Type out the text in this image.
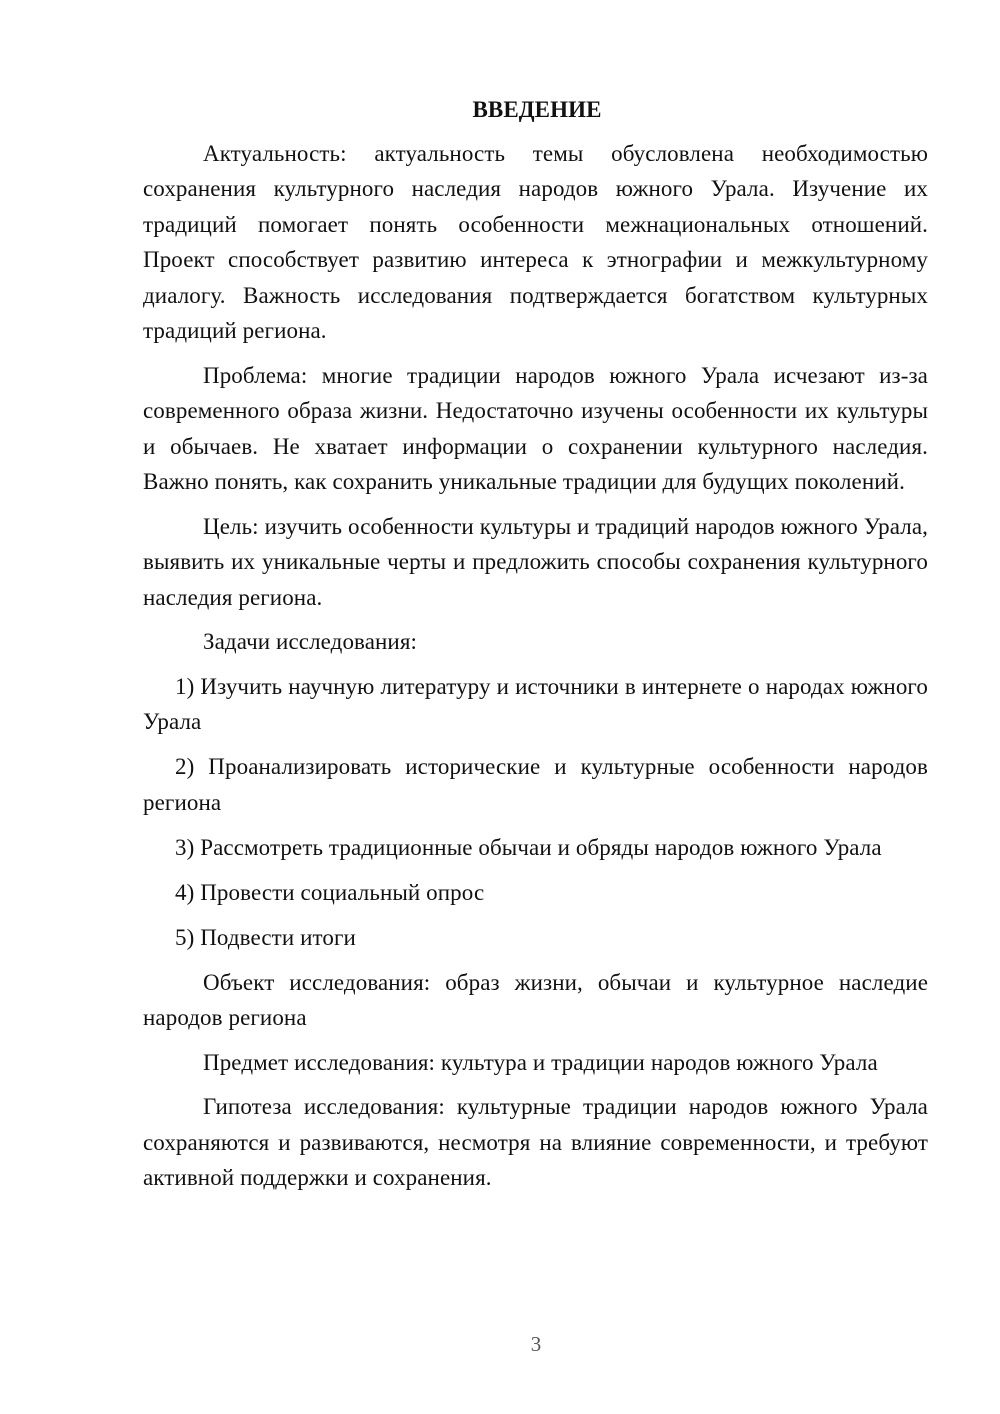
ВВЕДЕНИЕ

Актуальность: актуальность темы обусловлена необходимостью сохранения культурного наследия народов южного Урала. Изучение их традиций помогает понять особенности межнациональных отношений. Проект способствует развитию интереса к этнографии и межкультурному диалогу. Важность исследования подтверждается богатством культурных традиций региона.

Проблема: многие традиции народов южного Урала исчезают из-за современного образа жизни. Недостаточно изучены особенности их культуры и обычаев. Не хватает информации о сохранении культурного наследия. Важно понять, как сохранить уникальные традиции для будущих поколений.

Цель: изучить особенности культуры и традиций народов южного Урала, выявить их уникальные черты и предложить способы сохранения культурного наследия региона.

Задачи исследования:

1) Изучить научную литературу и источники в интернете о народах южного Урала

2) Проанализировать исторические и культурные особенности народов региона

3) Рассмотреть традиционные обычаи и обряды народов южного Урала

4) Провести социальный опрос

5) Подвести итоги

Объект исследования: образ жизни, обычаи и культурное наследие народов региона

Предмет исследования: культура и традиции народов южного Урала

Гипотеза исследования: культурные традиции народов южного Урала сохраняются и развиваются, несмотря на влияние современности, и требуют активной поддержки и сохранения.

3
